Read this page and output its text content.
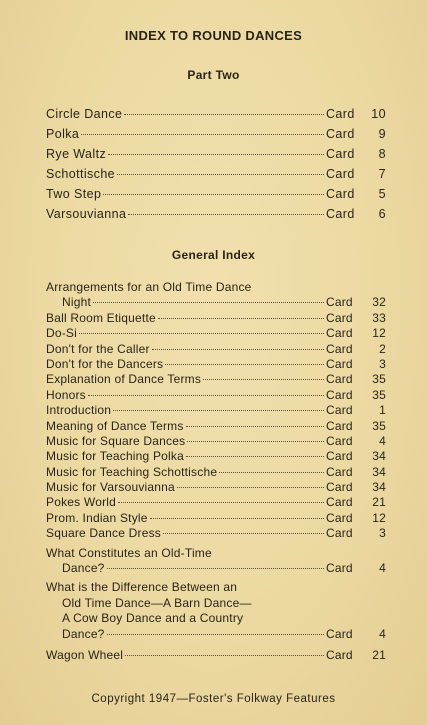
INDEX TO ROUND DANCES
Part Two
Circle Dance	Card	10
Polka	Card	9
Rye Waltz	Card	8
Schottische	Card	7
Two Step	Card	5
Varsouvianna	Card	6
General Index
Arrangements for an Old Time Dance
Night	Card	32
Ball Room Etiquette	Card	33
Do-Si	Card	12
Don't for the Caller	Card	2
Don't for the Dancers	Card	3
Explanation of Dance Terms	Card	35
Honors	Card	35
Introduction	Card	1
Meaning of Dance Terms	Card	35
Music for Square Dances	Card	4
Music for Teaching Polka	Card	34
Music for Teaching Schottische	Card	34
Music for Varsouvianna	Card	34
Pokes World	Card	21
Prom. Indian Style	Card	12
Square Dance Dress	Card	3
What Constitutes an Old-Time
Dance?	Card	4
What is the Difference Between an
Old Time Dance—A Barn Dance—
A Cow Boy Dance and a Country
Dance?	Card	4
Wagon Wheel	Card	21
Copyright 1947—Foster's Folkway Features
